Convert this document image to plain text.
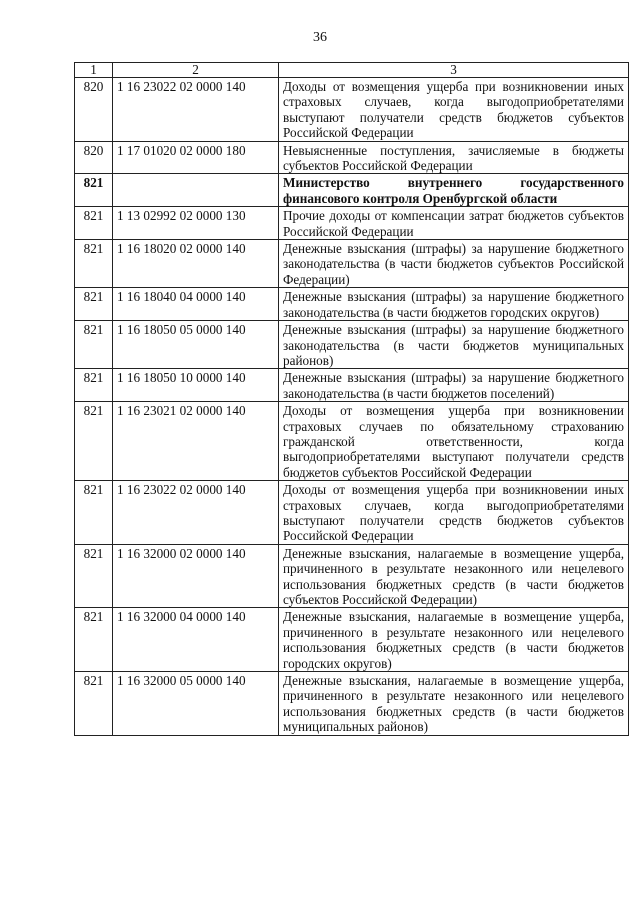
36
1	2	3
820	1 16 23022 02 0000 140	Доходы от возмещения ущерба при возникновении иных страховых случаев, когда выгодоприобретателями выступают получатели средств бюджетов субъектов Российской Федерации
820	1 17 01020 02 0000 180	Невыясненные поступления, зачисляемые в бюджеты субъектов Российской Федерации
821		Министерство внутреннего государственного финансового контроля Оренбургской области
821	1 13 02992 02 0000 130	Прочие доходы от компенсации затрат бюджетов субъектов Российской Федерации
821	1 16 18020 02 0000 140	Денежные взыскания (штрафы) за нарушение бюджетного законодательства (в части бюджетов субъектов Российской Федерации)
821	1 16 18040 04 0000 140	Денежные взыскания (штрафы) за нарушение бюджетного законодательства (в части бюджетов городских округов)
821	1 16 18050 05 0000 140	Денежные взыскания (штрафы) за нарушение бюджетного законодательства (в части бюджетов муниципальных районов)
821	1 16 18050 10 0000 140	Денежные взыскания (штрафы) за нарушение бюджетного законодательства (в части бюджетов поселений)
821	1 16 23021 02 0000 140	Доходы от возмещения ущерба при возникновении страховых случаев по обязательному страхованию гражданской ответственности, когда выгодоприобретателями выступают получатели средств бюджетов субъектов Российской Федерации
821	1 16 23022 02 0000 140	Доходы от возмещения ущерба при возникновении иных страховых случаев, когда выгодоприобретателями выступают получатели средств бюджетов субъектов Российской Федерации
821	1 16 32000 02 0000 140	Денежные взыскания, налагаемые в возмещение ущерба, причиненного в результате незаконного или нецелевого использования бюджетных средств (в части бюджетов субъектов Российской Федерации)
821	1 16 32000 04 0000 140	Денежные взыскания, налагаемые в возмещение ущерба, причиненного в результате незаконного или нецелевого использования бюджетных средств (в части бюджетов городских округов)
821	1 16 32000 05 0000 140	Денежные взыскания, налагаемые в возмещение ущерба, причиненного в результате незаконного или нецелевого использования бюджетных средств (в части бюджетов муниципальных районов)
